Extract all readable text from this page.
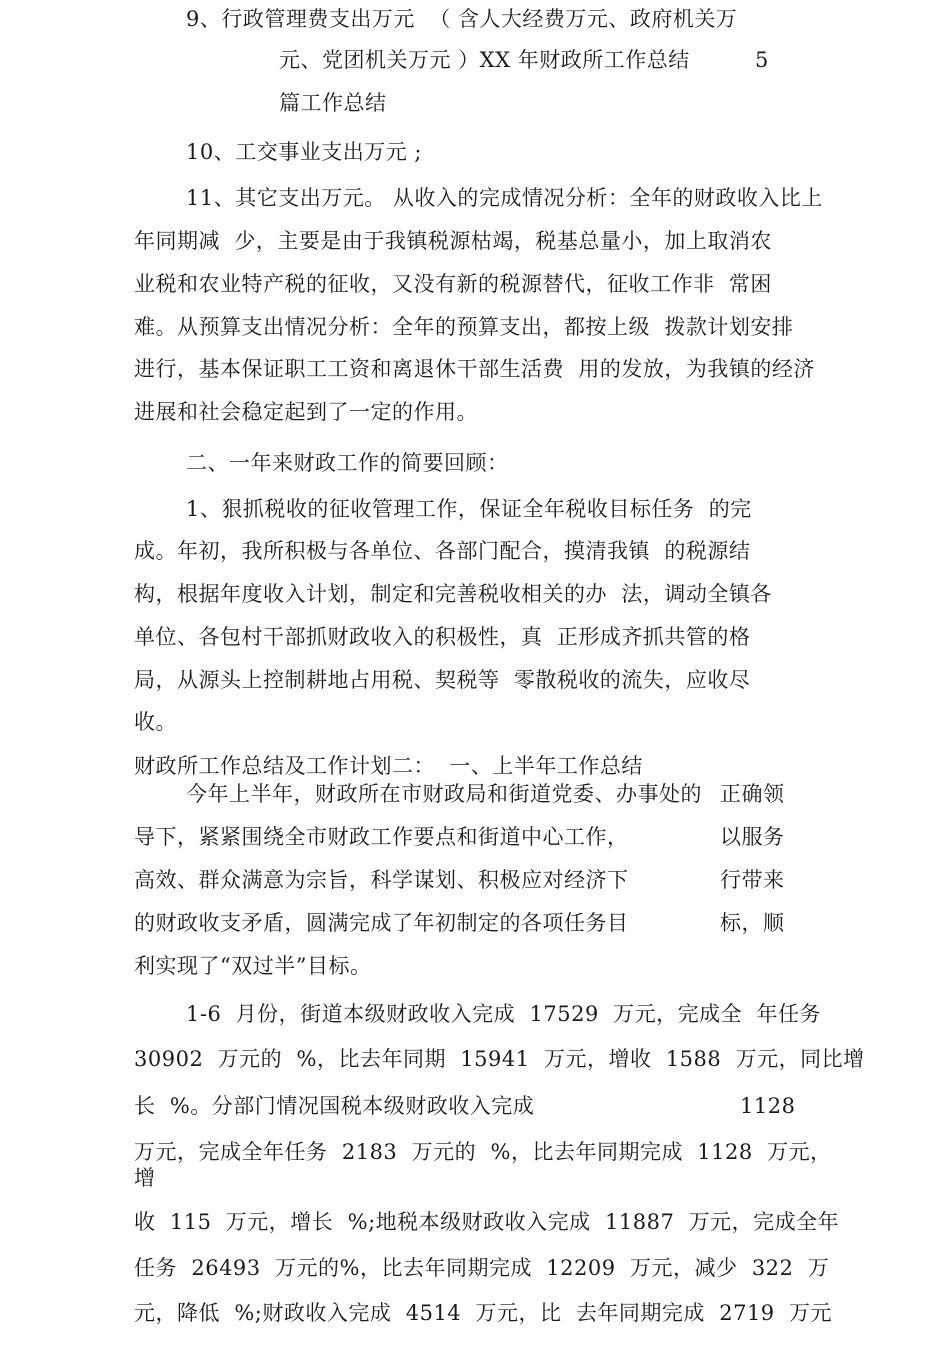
9、行政管理费支出万元  （ 含人大经费万元、政府机关万
元、党团机关万元 ）XX 年财政所工作总结	5
篇工作总结
10、工交事业支出万元 ;
11、其它支出万元。 从收入的完成情况分析：全年的财政收入比上
年同期减  少，主要是由于我镇税源枯竭，税基总量小，加上取消农
业税和农业特产税的征收，又没有新的税源替代，征收工作非  常困
难。从预算支出情况分析：全年的预算支出，都按上级  拨款计划安排
进行，基本保证职工工资和离退休干部生活费  用的发放，为我镇的经济
进展和社会稳定起到了一定的作用。
二、一年来财政工作的简要回顾：
1、狠抓税收的征收管理工作，保证全年税收目标任务  的完
成。年初，我所积极与各单位、各部门配合，摸清我镇  的税源结
构，根据年度收入计划，制定和完善税收相关的办  法，调动全镇各
单位、各包村干部抓财政收入的积极性，真  正形成齐抓共管的格
局，从源头上控制耕地占用税、契税等  零散税收的流失，应收尽
收。
财政所工作总结及工作计划二：  一、上半年工作总结
今年上半年，财政所在市财政局和街道党委、办事处的 正确领
导下，紧紧围绕全市财政工作要点和街道中心工作，	以服务
高效、群众满意为宗旨，科学谋划、积极应对经济下	行带来
的财政收支矛盾，圆满完成了年初制定的各项任务目	标，顺
利实现了“双过半”目标。
1-6  月份，街道本级财政收入完成  17529  万元，完成全  年任务
30902  万元的  %，比去年同期  15941  万元，增收  1588  万元，同比增
长  %。分部门情况国税本级财政收入完成	1128
万元，完成全年任务  2183  万元的  %，比去年同期完成  1128  万元，
增
收  115  万元，增长  %;地税本级财政收入完成  11887  万元，完成全年
任务  26493  万元的%，比去年同期完成  12209  万元，减少  322  万
元，降低  %;财政收入完成  4514  万元，比  去年同期完成  2719  万元
